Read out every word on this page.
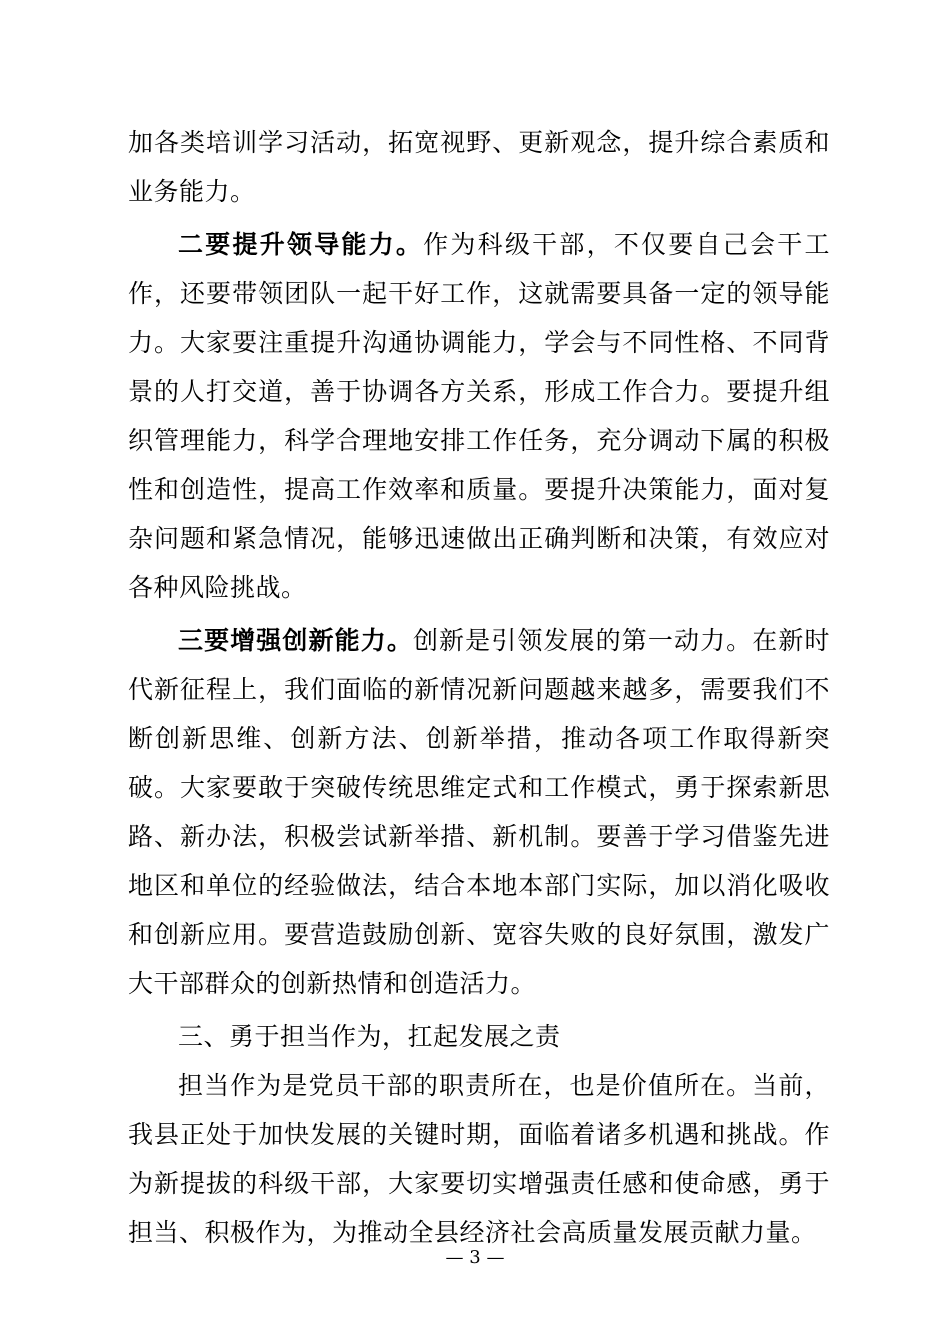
加各类培训学习活动，拓宽视野、更新观念，提升综合素质和业务能力。

二要提升领导能力。作为科级干部，不仅要自己会干工作，还要带领团队一起干好工作，这就需要具备一定的领导能力。大家要注重提升沟通协调能力，学会与不同性格、不同背景的人打交道，善于协调各方关系，形成工作合力。要提升组织管理能力，科学合理地安排工作任务，充分调动下属的积极性和创造性，提高工作效率和质量。要提升决策能力，面对复杂问题和紧急情况，能够迅速做出正确判断和决策，有效应对各种风险挑战。

三要增强创新能力。创新是引领发展的第一动力。在新时代新征程上，我们面临的新情况新问题越来越多，需要我们不断创新思维、创新方法、创新举措，推动各项工作取得新突破。大家要敢于突破传统思维定式和工作模式，勇于探索新思路、新办法，积极尝试新举措、新机制。要善于学习借鉴先进地区和单位的经验做法，结合本地本部门实际，加以消化吸收和创新应用。要营造鼓励创新、宽容失败的良好氛围，激发广大干部群众的创新热情和创造活力。

三、勇于担当作为，扛起发展之责

担当作为是党员干部的职责所在，也是价值所在。当前，我县正处于加快发展的关键时期，面临着诸多机遇和挑战。作为新提拔的科级干部，大家要切实增强责任感和使命感，勇于担当、积极作为，为推动全县经济社会高质量发展贡献力量。

— 3 —
